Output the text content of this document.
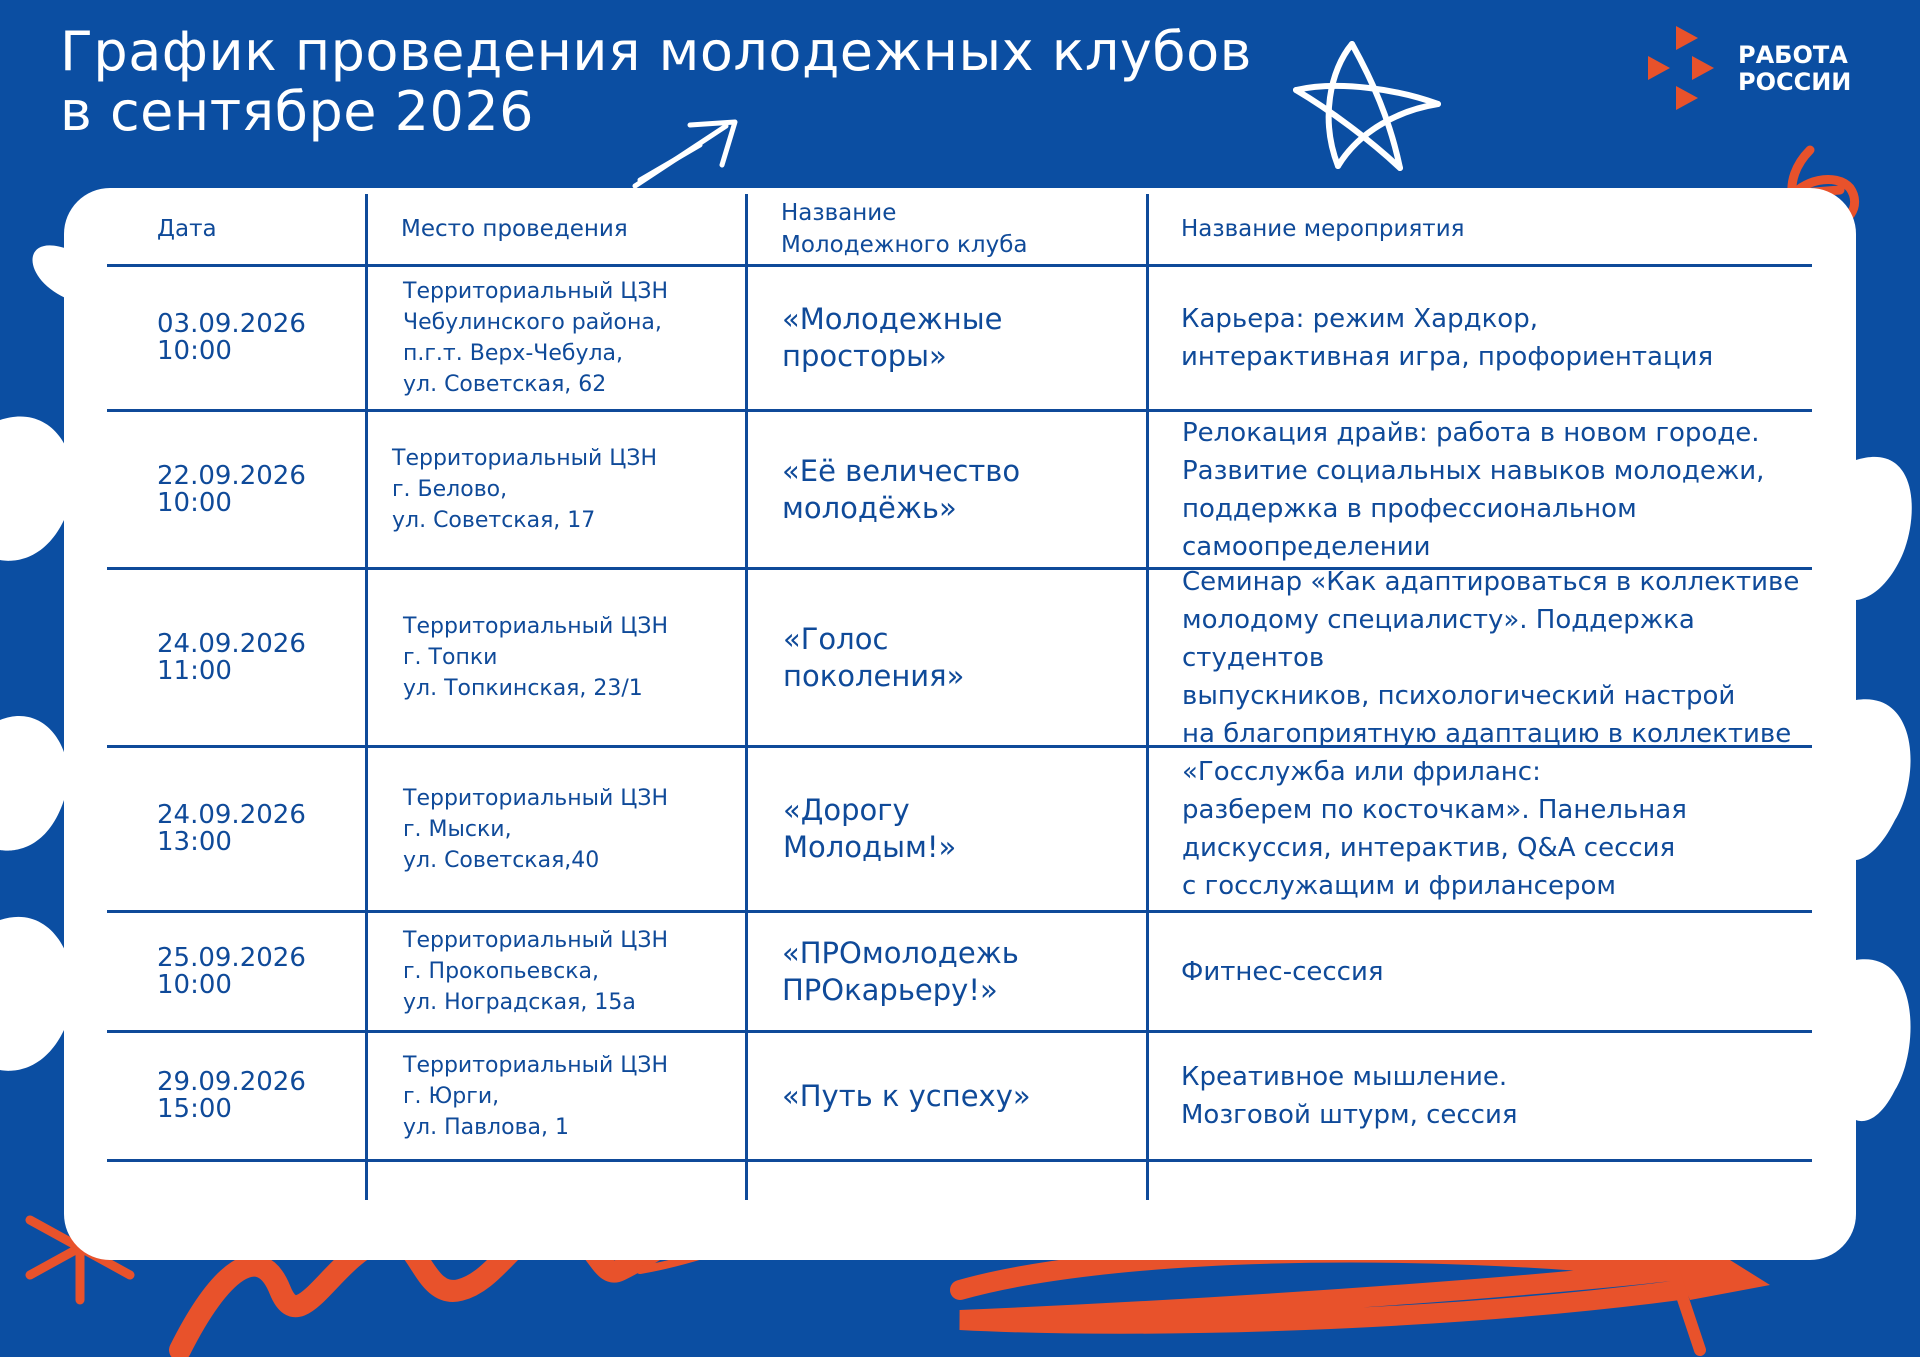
График проведения молодежных клубов
в сентябре 2026
РАБОТА
РОССИИ
Дата	Место проведения
Название
Молодежного клуба
Название мероприятия
03.09.2026
10:00
Территориальный ЦЗН
Чебулинского района,
п.г.т. Верх-Чебула,
ул. Советская, 62
«Молодежные
просторы»
Карьера: режим Хардкор,
интерактивная игра, профориентация
22.09.2026
10:00
Территориальный ЦЗН
г. Белово,
ул. Советская, 17
«Её величество
молодёжь»
Релокация драйв: работа в новом городе.
Развитие социальных навыков молодежи,
поддержка в профессиональном
самоопределении
24.09.2026
11:00
Территориальный ЦЗН
г. Топки
ул. Топкинская, 23/1
«Голос
поколения»
Семинар «Как адаптироваться в коллективе
молодому специалисту». Поддержка студентов
выпускников, психологический настрой
на благоприятную адаптацию в коллективе
24.09.2026
13:00
Территориальный ЦЗН
г. Мыски,
ул. Советская,40
«Дорогу
Молодым!»
«Госслужба или фриланс:
разберем по косточкам». Панельная
дискуссия, интерактив, Q&A сессия
с госслужащим и фрилансером
25.09.2026
10:00
Территориальный ЦЗН
г. Прокопьевска,
ул. Ноградская, 15а
«ПРОмолодежь
ПРОкарьеру!»
Фитнес-сессия
29.09.2026
15:00
Территориальный ЦЗН
г. Юрги,
ул. Павлова, 1
«Путь к успеху»
Креативное мышление.
Мозговой штурм, сессия
